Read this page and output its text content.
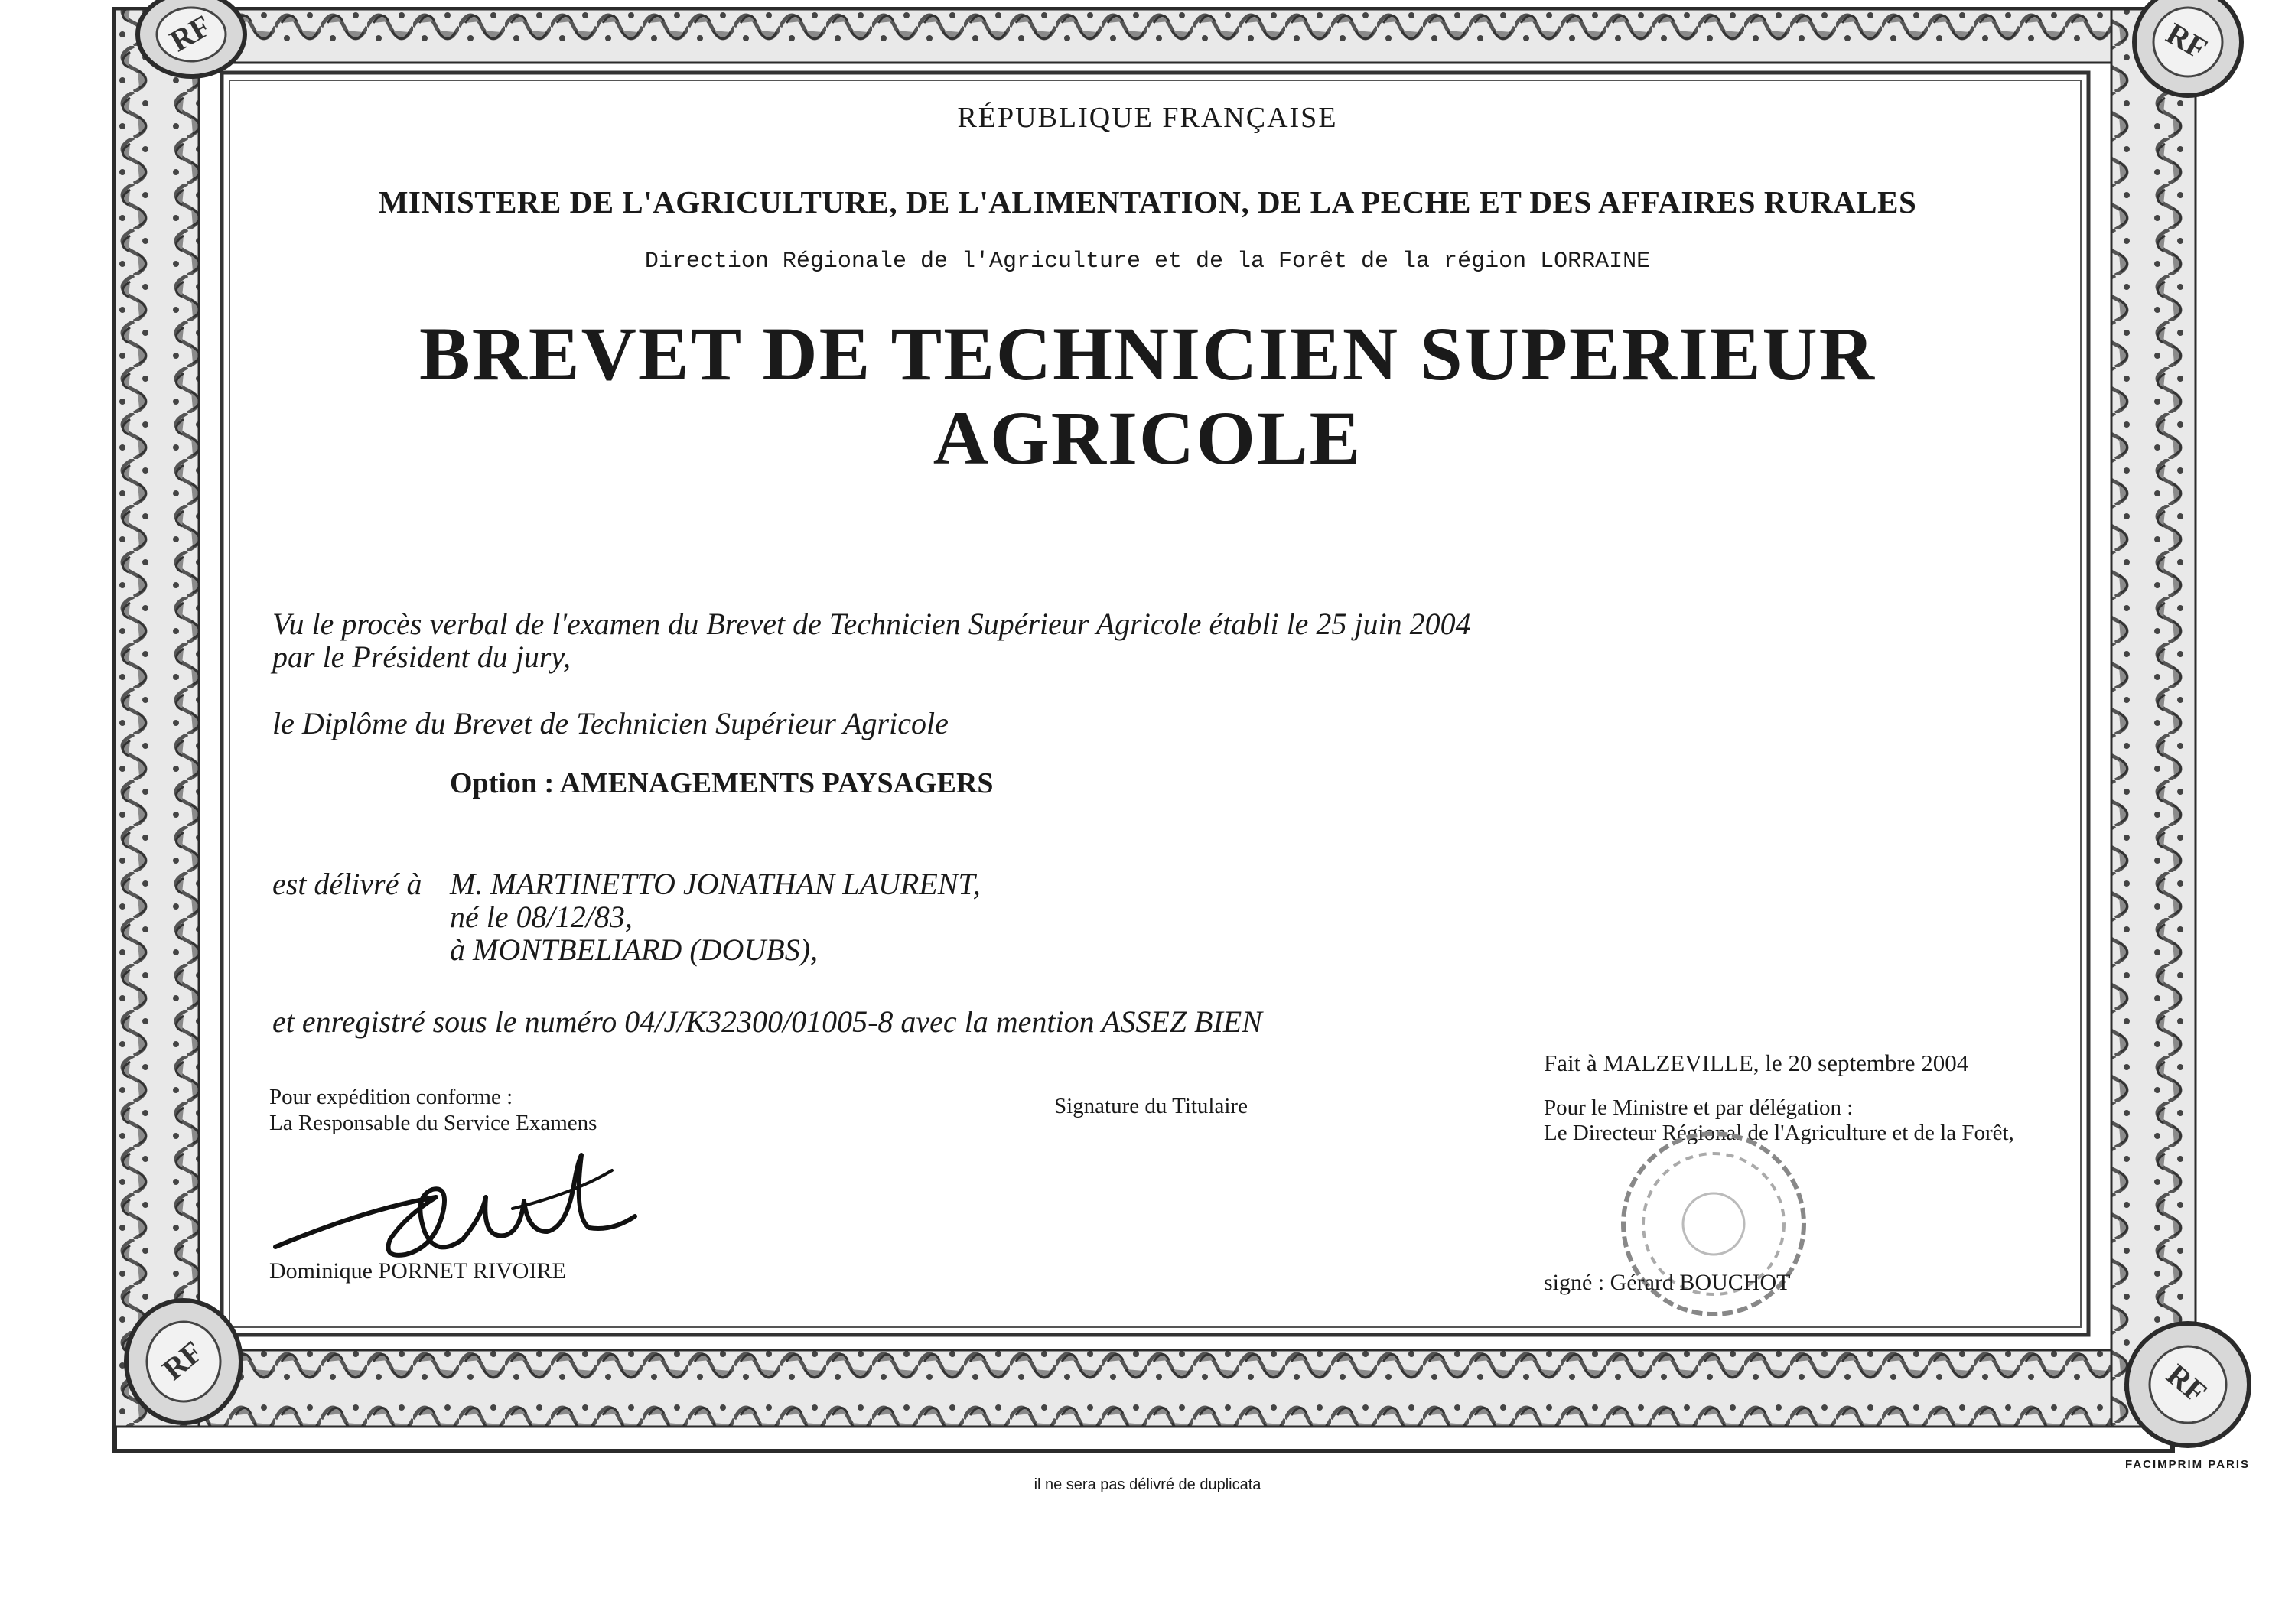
RF	RF
RF	RF
RÉPUBLIQUE FRANÇAISE
MINISTERE DE L'AGRICULTURE, DE L'ALIMENTATION, DE LA PECHE ET DES AFFAIRES RURALES
Direction Régionale de l'Agriculture et de la Forêt de la région LORRAINE
BREVET DE TECHNICIEN SUPERIEUR
AGRICOLE
Vu le procès verbal de l'examen du Brevet de Technicien Supérieur Agricole établi le 25 juin 2004
par le Président du jury,
le Diplôme du Brevet de Technicien Supérieur Agricole
Option : AMENAGEMENTS PAYSAGERS
est délivré à M. MARTINETTO JONATHAN LAURENT,
né le 08/12/83,
à MONTBELIARD (DOUBS),
et enregistré sous le numéro 04/J/K32300/01005-8 avec la mention ASSEZ BIEN
Fait à MALZEVILLE, le 20 septembre 2004
Pour expédition conforme :
La Responsable du Service Examens
Signature du Titulaire	Pour le Ministre et par délégation :
Le Directeur Régional de l'Agriculture et de la Forêt,
Dominique PORNET RIVOIRE	signé : Gérard BOUCHOT
FACIMPRIM PARIS
il ne sera pas délivré de duplicata
